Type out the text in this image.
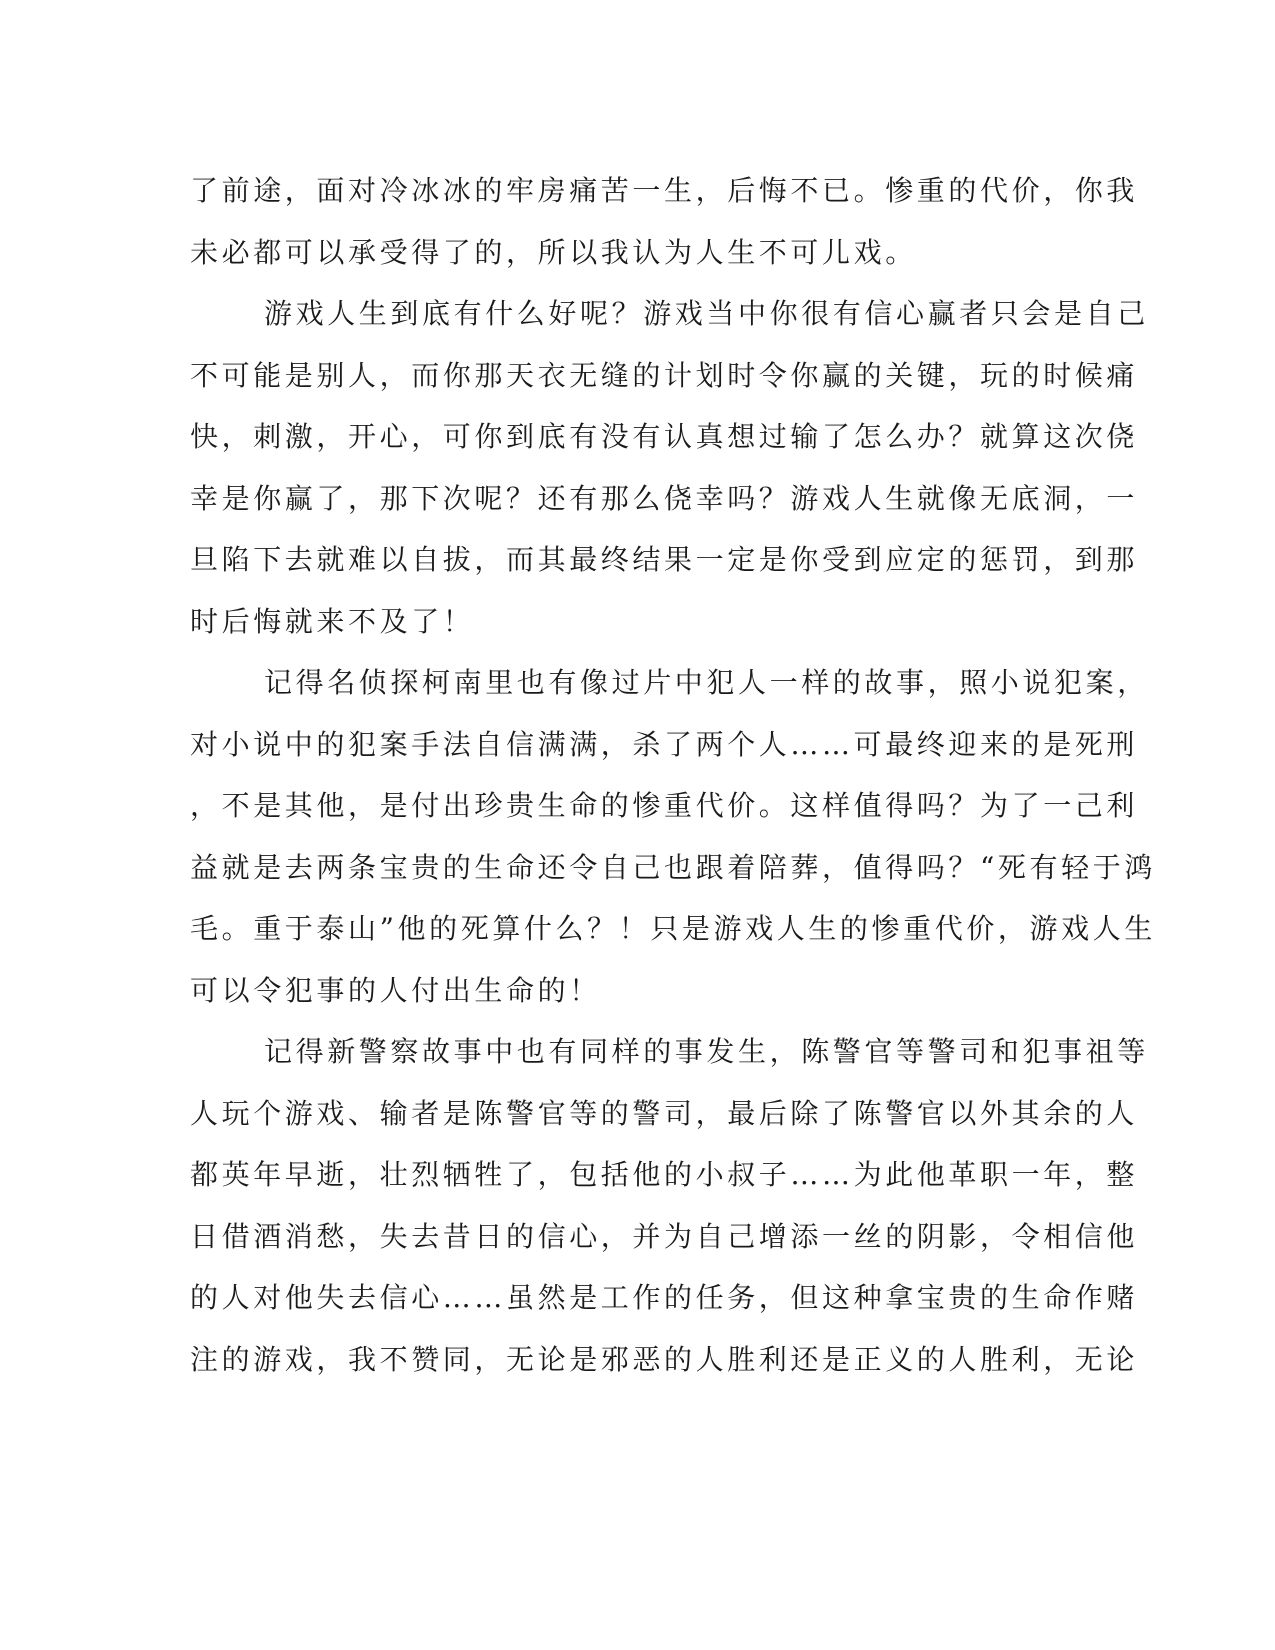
了前途，面对冷冰冰的牢房痛苦一生，后悔不已。惨重的代价，你我
未必都可以承受得了的，所以我认为人生不可儿戏。
游戏人生到底有什么好呢？游戏当中你很有信心赢者只会是自己
不可能是别人，而你那天衣无缝的计划时令你赢的关键，玩的时候痛
快，刺激，开心，可你到底有没有认真想过输了怎么办？就算这次侥
幸是你赢了，那下次呢？还有那么侥幸吗？游戏人生就像无底洞，一
旦陷下去就难以自拔，而其最终结果一定是你受到应定的惩罚，到那
时后悔就来不及了！
记得名侦探柯南里也有像过片中犯人一样的故事，照小说犯案，
对小说中的犯案手法自信满满，杀了两个人……可最终迎来的是死刑
，不是其他，是付出珍贵生命的惨重代价。这样值得吗？为了一己利
益就是去两条宝贵的生命还令自己也跟着陪葬，值得吗？“死有轻于鸿
毛。重于泰山”他的死算什么？！只是游戏人生的惨重代价，游戏人生
可以令犯事的人付出生命的！
记得新警察故事中也有同样的事发生，陈警官等警司和犯事祖等
人玩个游戏、输者是陈警官等的警司，最后除了陈警官以外其余的人
都英年早逝，壮烈牺牲了，包括他的小叔子……为此他革职一年，整
日借酒消愁，失去昔日的信心，并为自己增添一丝的阴影，令相信他
的人对他失去信心……虽然是工作的任务，但这种拿宝贵的生命作赌
注的游戏，我不赞同，无论是邪恶的人胜利还是正义的人胜利，无论
